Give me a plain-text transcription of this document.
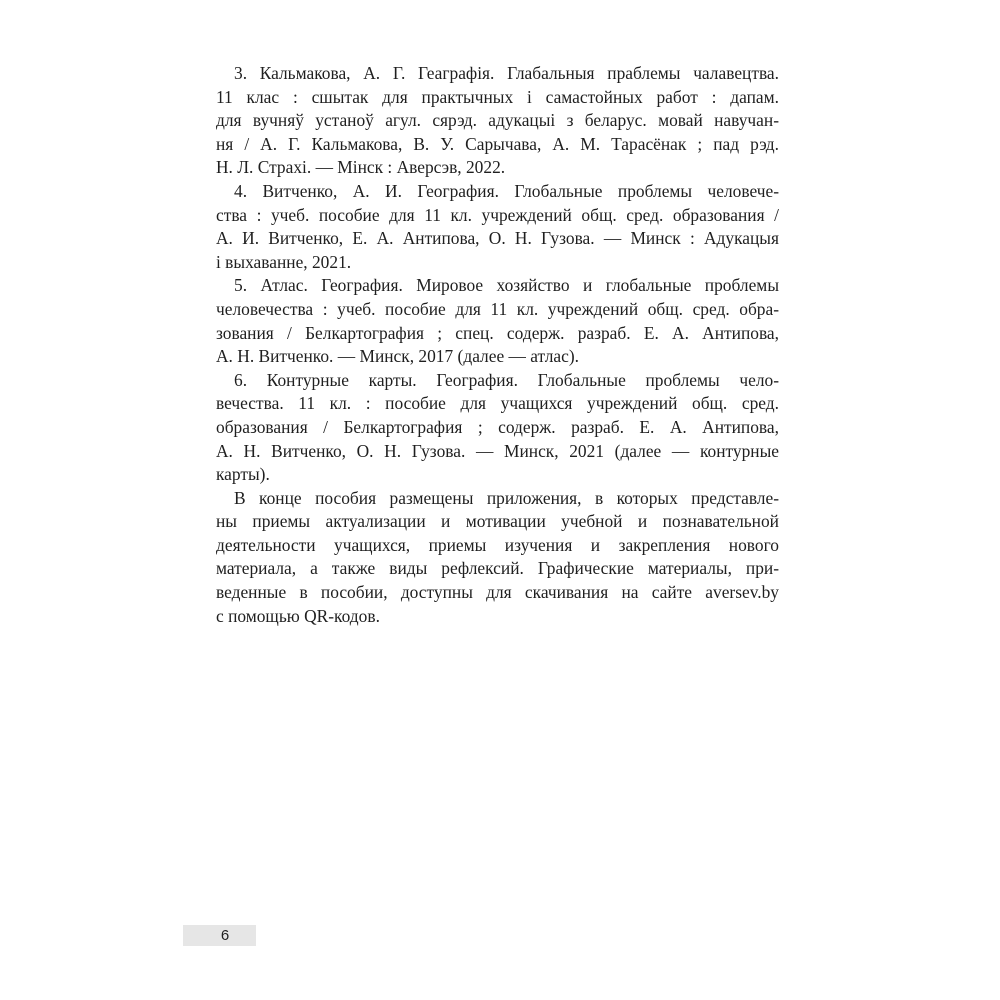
3. Кальмакова, А. Г. Геаграфія. Глабальныя праблемы чалавецтва.
11 клас : сшытак для практычных і самастойных работ : дапам.
для вучняў устаноў агул. сярэд. адукацыі з беларус. мовай навучан-
ня / А. Г. Кальмакова, В. У. Сарычава, А. М. Тарасёнак ; пад рэд.
Н. Л. Страхі. — Мінск : Аверсэв, 2022.

4. Витченко, А. И. География. Глобальные проблемы человече-
ства : учеб. пособие для 11 кл. учреждений общ. сред. образования /
А. И. Витченко, Е. А. Антипова, О. Н. Гузова. — Минск : Адукацыя
і выхаванне, 2021.

5. Атлас. География. Мировое хозяйство и глобальные проблемы
человечества : учеб. пособие для 11 кл. учреждений общ. сред. обра-
зования / Белкартография ; спец. содерж. разраб. Е. А. Антипова,
А. Н. Витченко. — Минск, 2017 (далее — атлас).

6. Контурные карты. География. Глобальные проблемы чело-
вечества. 11 кл. : пособие для учащихся учреждений общ. сред.
образования / Белкартография ; содерж. разраб. Е. А. Антипова,
А. Н. Витченко, О. Н. Гузова. — Минск, 2021 (далее — контурные
карты).

В конце пособия размещены приложения, в которых представле-
ны приемы актуализации и мотивации учебной и познавательной
деятельности учащихся, приемы изучения и закрепления нового
материала, а также виды рефлексий. Графические материалы, при-
веденные в пособии, доступны для скачивания на сайте aversev.by
с помощью QR-кодов.

6
